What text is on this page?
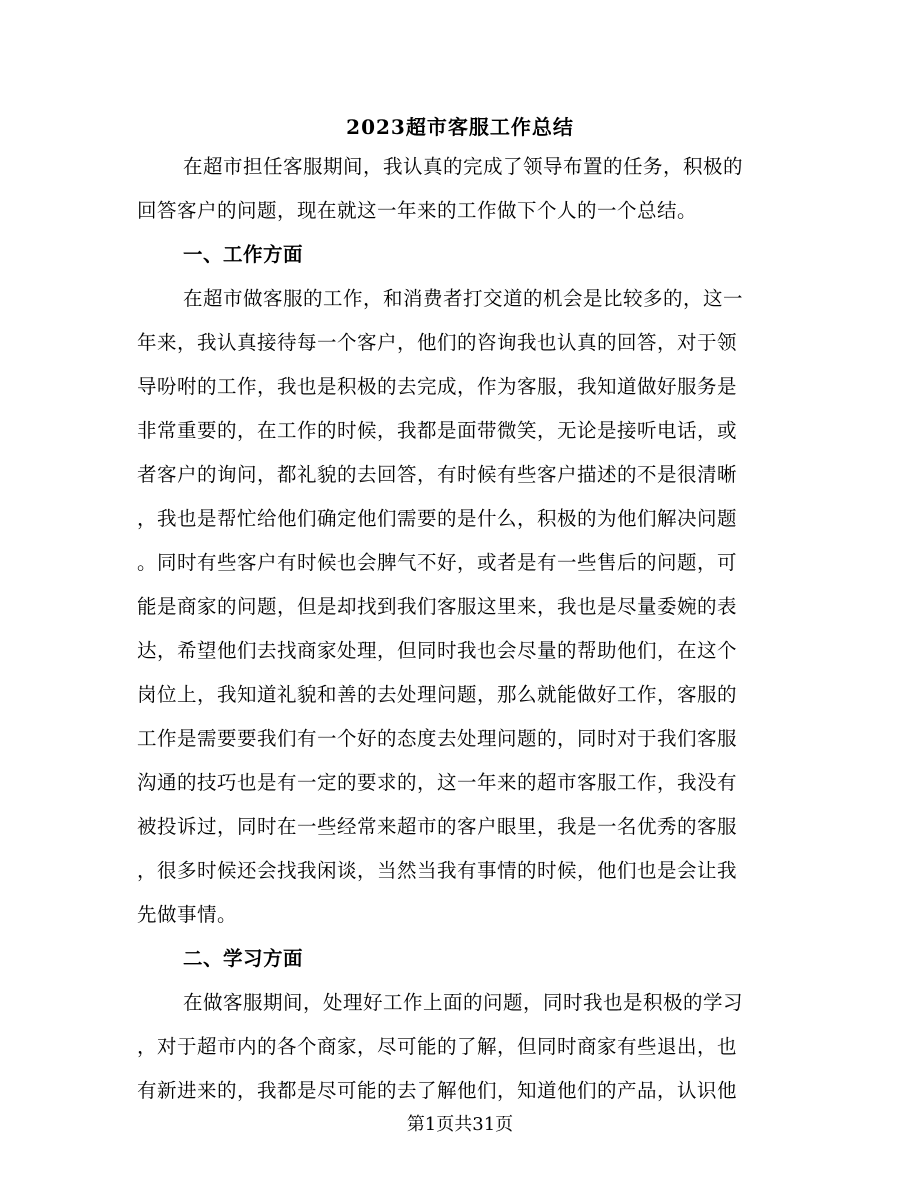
2023超市客服工作总结
在超市担任客服期间，我认真的完成了领导布置的任务，积极的
回答客户的问题，现在就这一年来的工作做下个人的一个总结。
一、工作方面
在超市做客服的工作，和消费者打交道的机会是比较多的，这一
年来，我认真接待每一个客户，他们的咨询我也认真的回答，对于领
导吩咐的工作，我也是积极的去完成，作为客服，我知道做好服务是
非常重要的，在工作的时候，我都是面带微笑，无论是接听电话，或
者客户的询问，都礼貌的去回答，有时候有些客户描述的不是很清晰
，我也是帮忙给他们确定他们需要的是什么，积极的为他们解决问题
。同时有些客户有时候也会脾气不好，或者是有一些售后的问题，可
能是商家的问题，但是却找到我们客服这里来，我也是尽量委婉的表
达，希望他们去找商家处理，但同时我也会尽量的帮助他们，在这个
岗位上，我知道礼貌和善的去处理问题，那么就能做好工作，客服的
工作是需要要我们有一个好的态度去处理问题的，同时对于我们客服
沟通的技巧也是有一定的要求的，这一年来的超市客服工作，我没有
被投诉过，同时在一些经常来超市的客户眼里，我是一名优秀的客服
，很多时候还会找我闲谈，当然当我有事情的时候，他们也是会让我
先做事情。
二、学习方面
在做客服期间，处理好工作上面的问题，同时我也是积极的学习
，对于超市内的各个商家，尽可能的了解，但同时商家有些退出，也
有新进来的，我都是尽可能的去了解他们，知道他们的产品，认识他
第1页共31页
